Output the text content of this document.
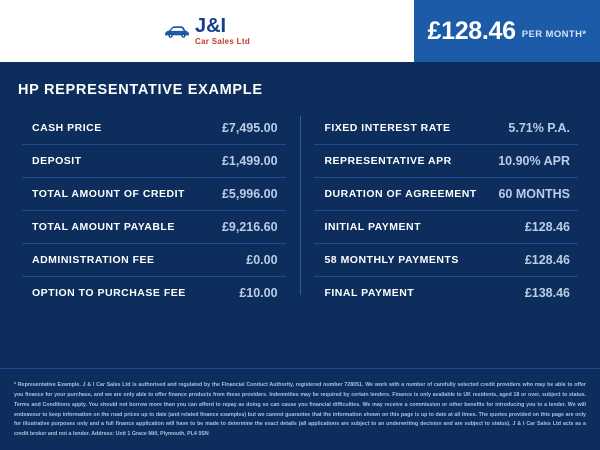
J&I
Car Sales Ltd	£128.46 PER MONTH*
HP REPRESENTATIVE EXAMPLE
CASH PRICE	£7,495.00
DEPOSIT	£1,499.00
TOTAL AMOUNT OF CREDIT	£5,996.00
TOTAL AMOUNT PAYABLE	£9,216.60
ADMINISTRATION FEE	£0.00
OPTION TO PURCHASE FEE	£10.00
FIXED INTEREST RATE	5.71% P.A.
REPRESENTATIVE APR	10.90% APR
DURATION OF AGREEMENT 60 MONTHS
INITIAL PAYMENT	£128.46
58 MONTHLY PAYMENTS	£128.46
FINAL PAYMENT	£138.46

* Representative Example. J & I Car Sales Ltd is authorised and regulated by the Financial Conduct Authority, registered number 728051. We work with a number of carefully selected credit providers who may be able to offer you finance for your purchase, and we are only able to offer finance products from these providers. Indemnities may be required by certain lenders. Finance is only available to UK residents, aged 18 or over, subject to status. Terms and Conditions apply. You should not borrow more than you can afford to repay as doing so can cause you financial difficulties. We may receive a commission or other benefits for introducing you to a lender. We will endeavour to keep information on the road prices up to date (and related finance examples) but we cannot guarantee that the information shown on this page is up to date at all times. The quotes provided on this page are only for illustrative purposes only and a full finance application will have to be made to determine the exact details (all applications are subject to an underwriting decision and are subject to status). J & I Car Sales Ltd acts as a credit broker and not a lender. Address: Unit 1 Grace Mill, Plymouth, PL4 0SN
